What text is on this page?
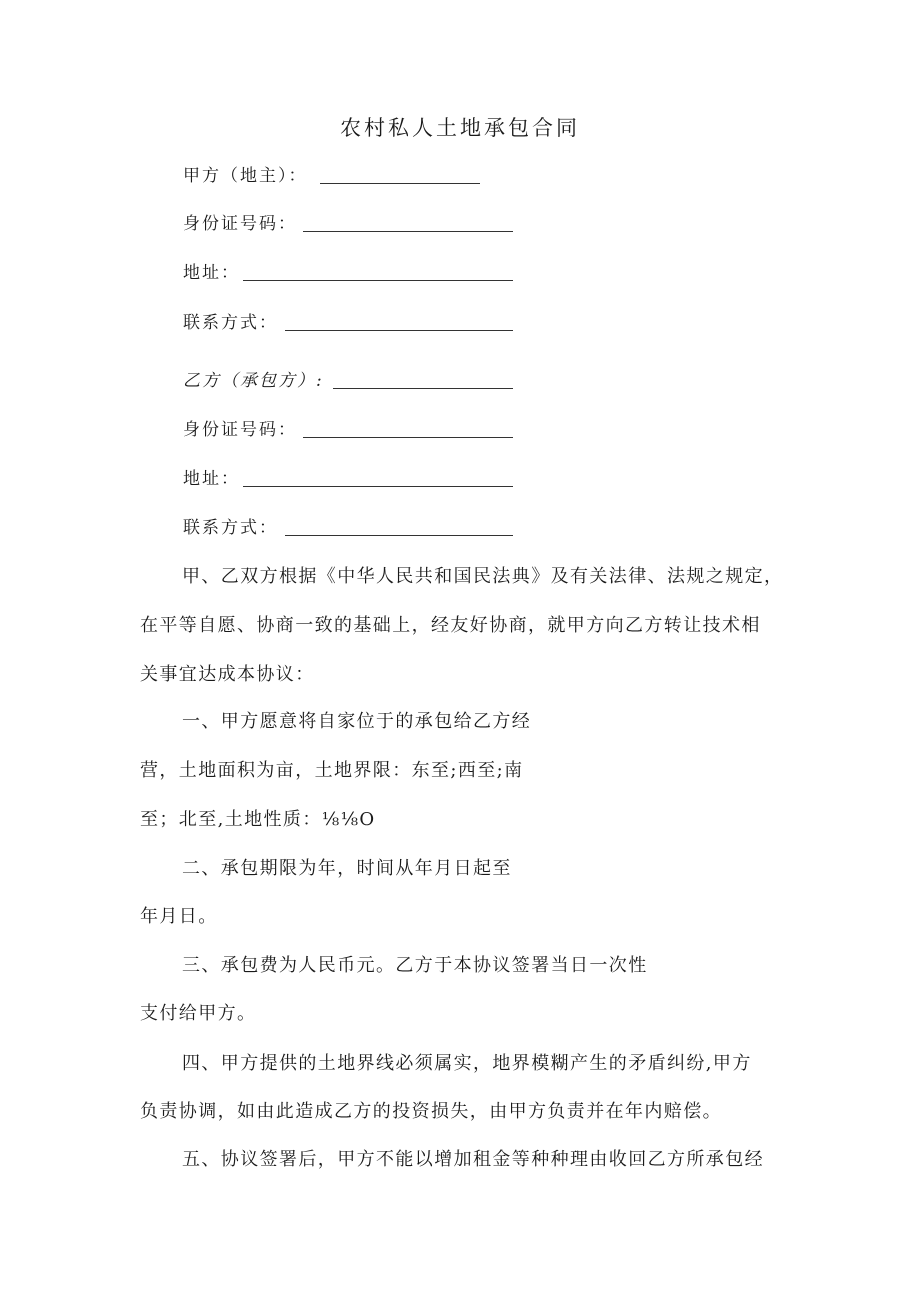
农村私人土地承包合同
甲方（地主）：
身份证号码：
地址：
联系方式：
乙方（承包方）:
身份证号码：
地址：
联系方式：
甲、乙双方根据《中华人民共和国民法典》及有关法律、法规之规定，
在平等自愿、协商一致的基础上，经友好协商，就甲方向乙方转让技术相
关事宜达成本协议：
一、甲方愿意将自家位于的承包给乙方经
营，土地面积为亩，土地界限：东至;西至;南
至；北至,土地性质：⅛⅛O
二、承包期限为年，时间从年月日起至
年月日。
三、承包费为人民币元。乙方于本协议签署当日一次性
支付给甲方。
四、甲方提供的土地界线必须属实，地界模糊产生的矛盾纠纷,甲方
负责协调，如由此造成乙方的投资损失，由甲方负责并在年内赔偿。
五、协议签署后，甲方不能以增加租金等种种理由收回乙方所承包经
